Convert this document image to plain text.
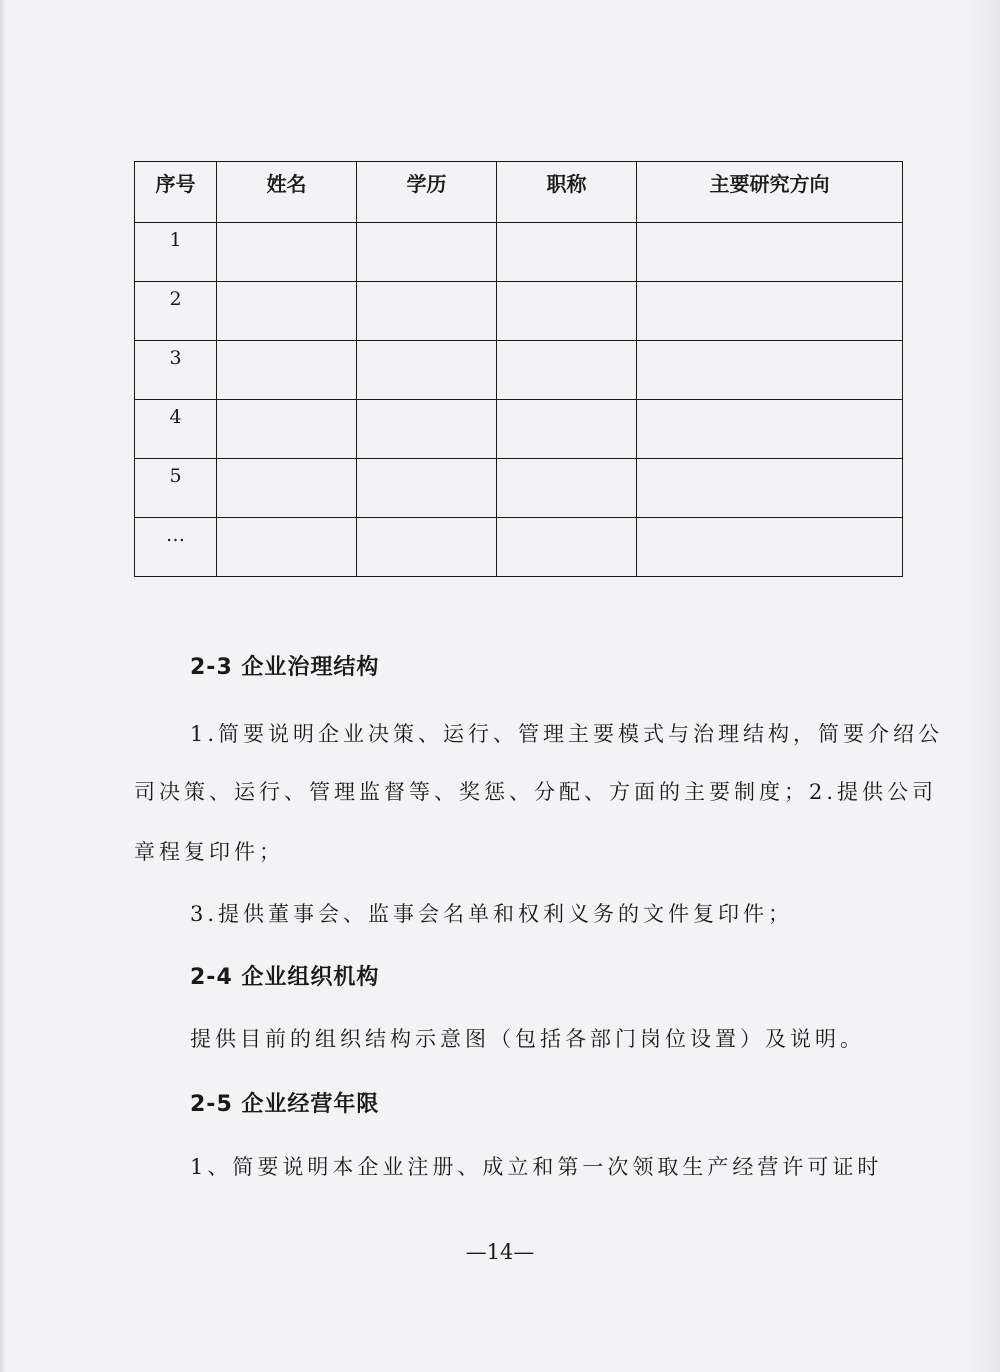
序号	姓名	学历	职称	主要研究方向
1				
2				
3				
4				
5				
…				
2-3 企业治理结构
1.简要说明企业决策、运行、管理主要模式与治理结构，简要介绍公
司决策、运行、管理监督等、奖惩、分配、方面的主要制度；2.提供公司
章程复印件；
3.提供董事会、监事会名单和权利义务的文件复印件；
2-4 企业组织机构
提供目前的组织结构示意图（包括各部门岗位设置）及说明。
2-5 企业经营年限
1、简要说明本企业注册、成立和第一次领取生产经营许可证时
—14—
